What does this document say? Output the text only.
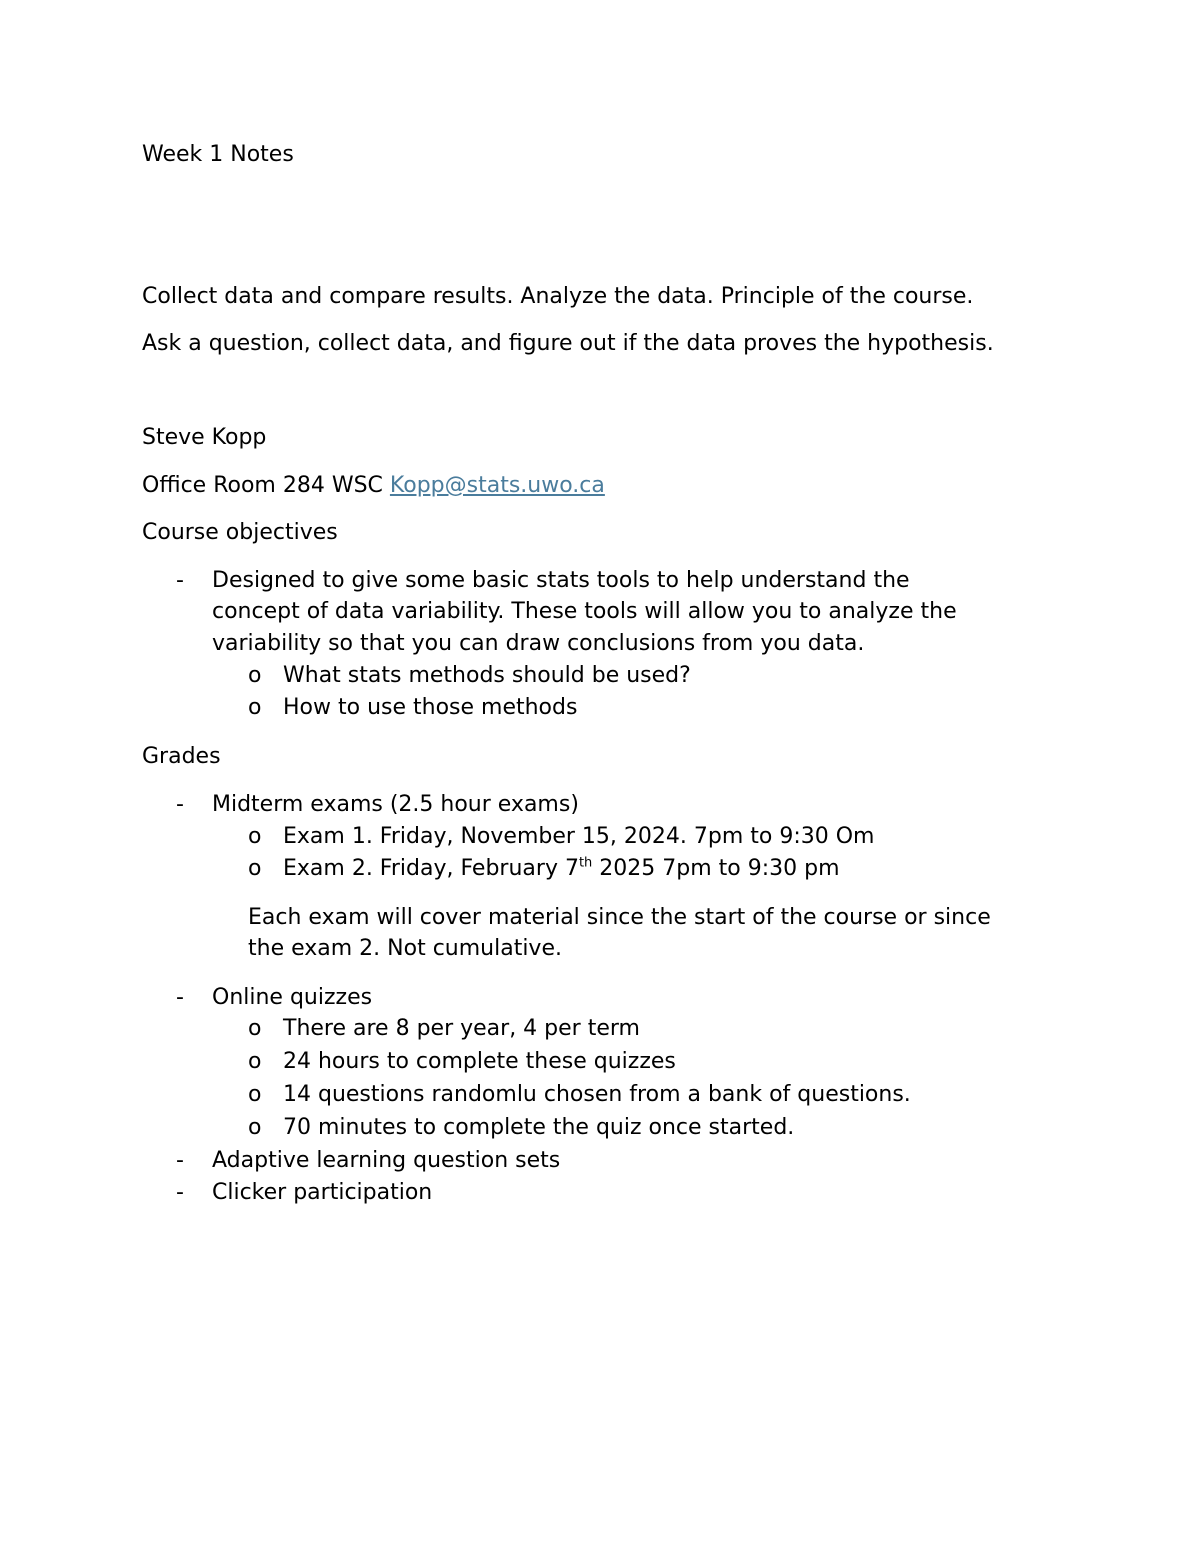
Week 1 Notes
Collect data and compare results. Analyze the data. Principle of the course.
Ask a question, collect data, and figure out if the data proves the hypothesis.
Steve Kopp
Office Room 284 WSC Kopp@stats.uwo.ca
Course objectives
- Designed to give some basic stats tools to help understand the
concept of data variability. These tools will allow you to analyze the
variability so that you can draw conclusions from you data.
o What stats methods should be used?
o How to use those methods
Grades
- Midterm exams (2.5 hour exams)
o Exam 1. Friday, November 15, 2024. 7pm to 9:30 Om
o Exam 2. Friday, February 7th 2025 7pm to 9:30 pm
Each exam will cover material since the start of the course or since
the exam 2. Not cumulative.
- Online quizzes
o There are 8 per year, 4 per term
o 24 hours to complete these quizzes
o 14 questions randomlu chosen from a bank of questions.
o 70 minutes to complete the quiz once started.
- Adaptive learning question sets
- Clicker participation
